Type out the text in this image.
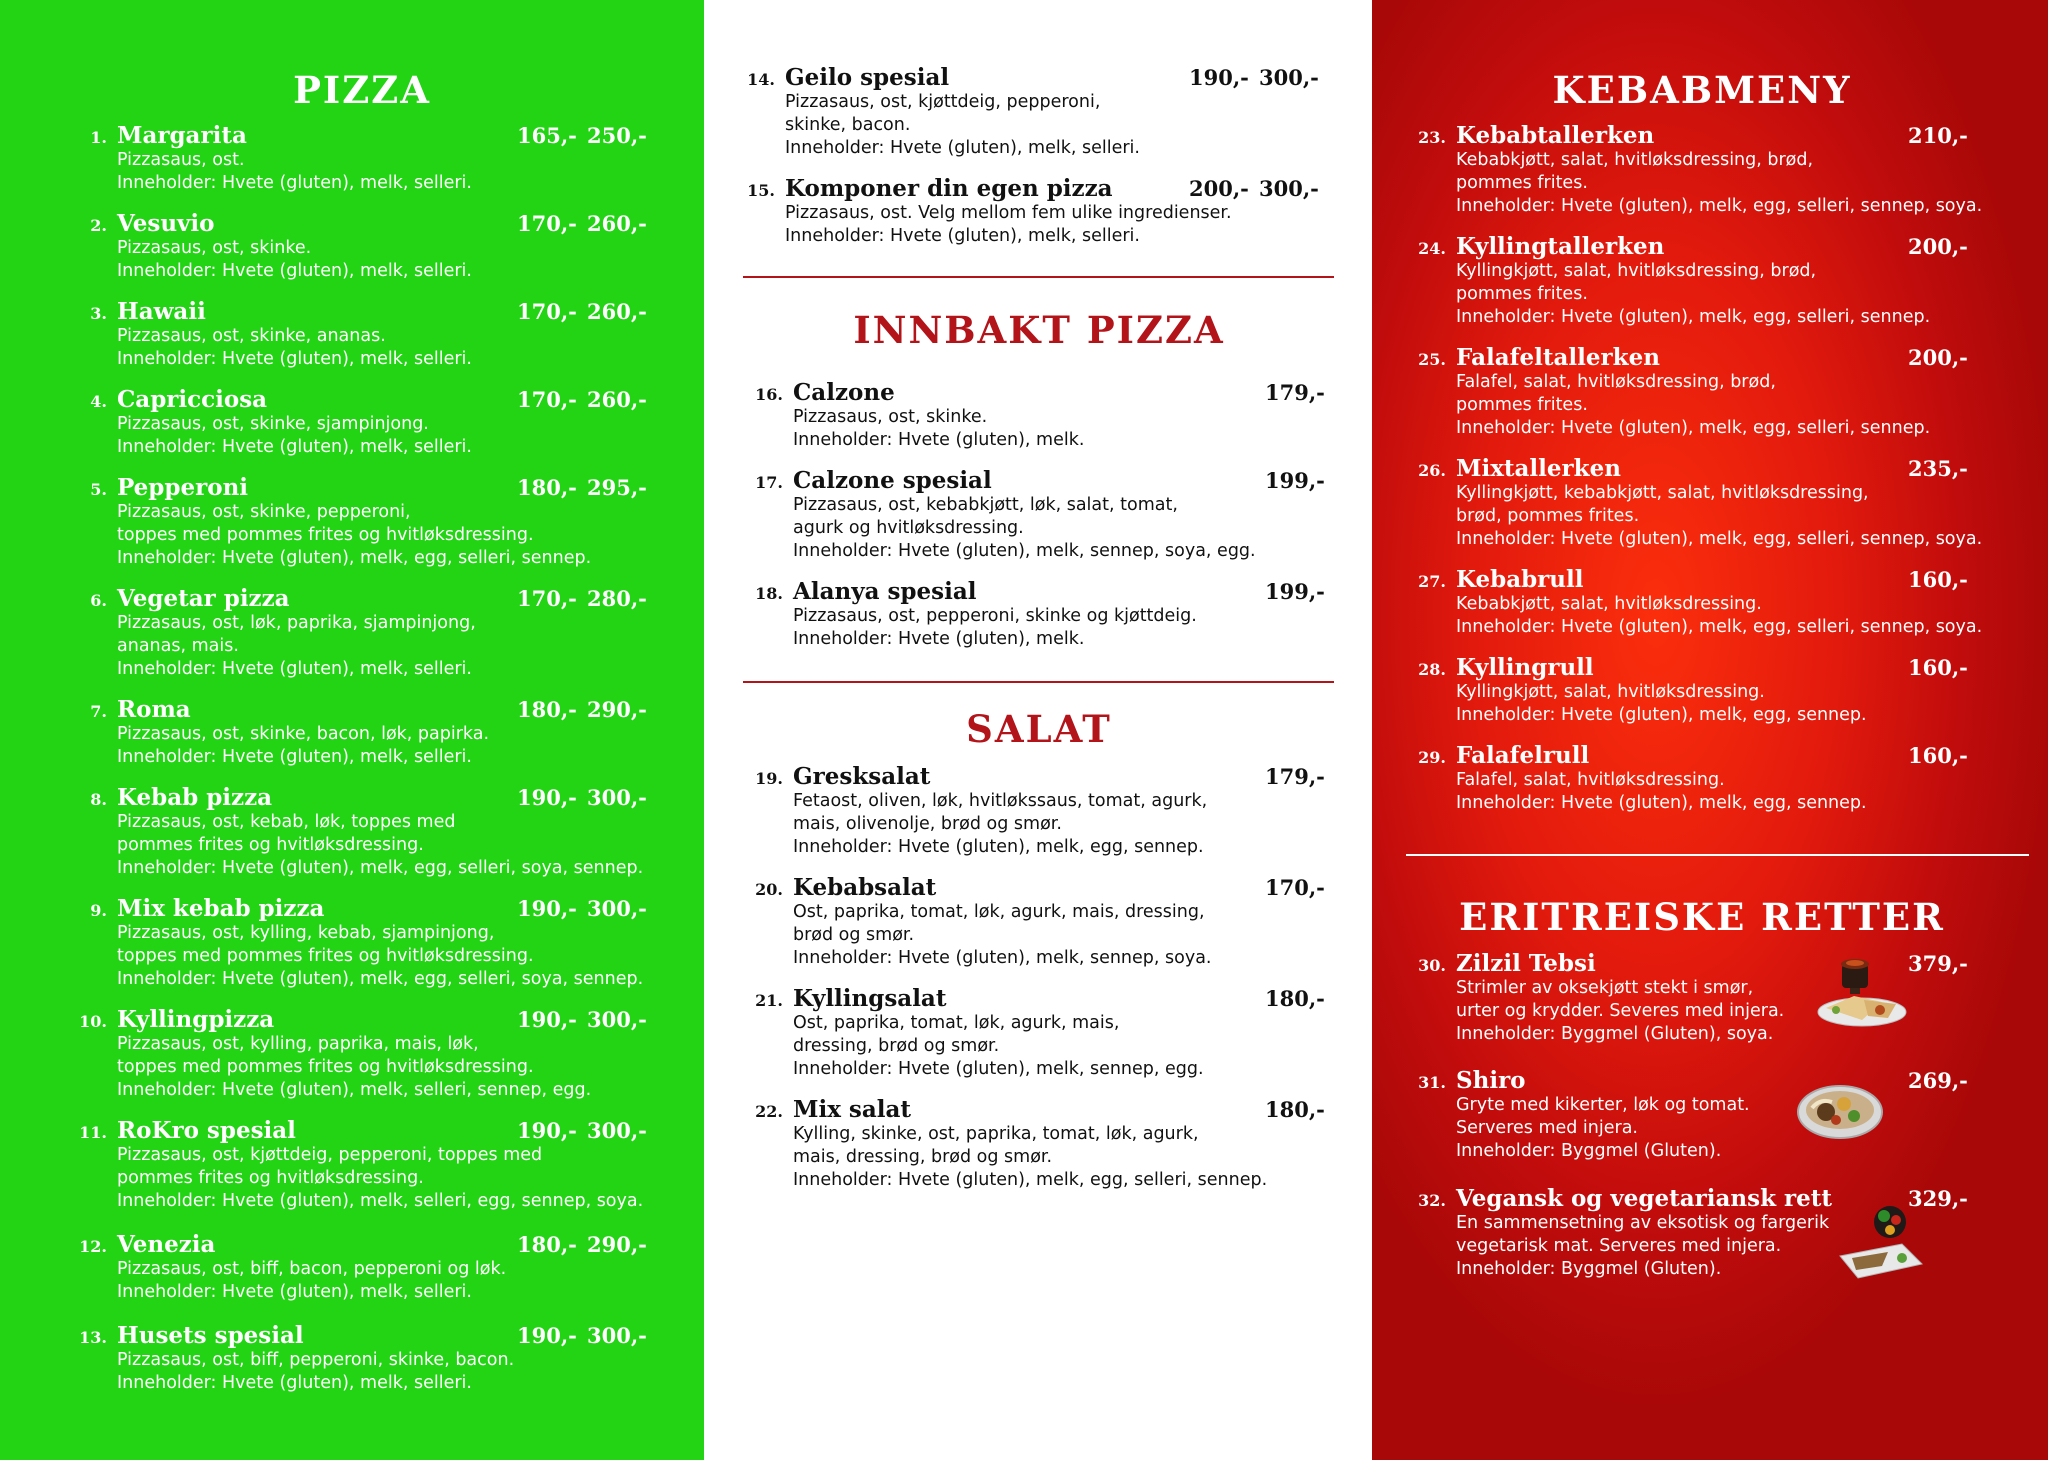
PIZZA
1. Margarita	165,- 250,-
Pizzasaus, ost.
Inneholder: Hvete (gluten), melk, selleri.
2. Vesuvio	170,- 260,-
Pizzasaus, ost, skinke.
Inneholder: Hvete (gluten), melk, selleri.
3. Hawaii	170,- 260,-
Pizzasaus, ost, skinke, ananas.
Inneholder: Hvete (gluten), melk, selleri.
4. Capricciosa	170,- 260,-
Pizzasaus, ost, skinke, sjampinjong.
Inneholder: Hvete (gluten), melk, selleri.
5. Pepperoni	180,- 295,-
Pizzasaus, ost, skinke, pepperoni,
toppes med pommes frites og hvitløksdressing.
Inneholder: Hvete (gluten), melk, egg, selleri, sennep.
6. Vegetar pizza	170,- 280,-
Pizzasaus, ost, løk, paprika, sjampinjong,
ananas, mais.
Inneholder: Hvete (gluten), melk, selleri.
7. Roma	180,- 290,-
Pizzasaus, ost, skinke, bacon, løk, papirka.
Inneholder: Hvete (gluten), melk, selleri.
8. Kebab pizza	190,- 300,-
Pizzasaus, ost, kebab, løk, toppes med
pommes frites og hvitløksdressing.
Inneholder: Hvete (gluten), melk, egg, selleri, soya, sennep.
9. Mix kebab pizza	190,- 300,-
Pizzasaus, ost, kylling, kebab, sjampinjong,
toppes med pommes frites og hvitløksdressing.
Inneholder: Hvete (gluten), melk, egg, selleri, soya, sennep.
10. Kyllingpizza	190,- 300,-
Pizzasaus, ost, kylling, paprika, mais, løk,
toppes med pommes frites og hvitløksdressing.
Inneholder: Hvete (gluten), melk, selleri, sennep, egg.
11. RoKro spesial	190,- 300,-
Pizzasaus, ost, kjøttdeig, pepperoni, toppes med
pommes frites og hvitløksdressing.
Inneholder: Hvete (gluten), melk, selleri, egg, sennep, soya.
12. Venezia	180,- 290,-
Pizzasaus, ost, biff, bacon, pepperoni og løk.
Inneholder: Hvete (gluten), melk, selleri.
13. Husets spesial	190,- 300,-
Pizzasaus, ost, biff, pepperoni, skinke, bacon.
Inneholder: Hvete (gluten), melk, selleri.
14. Geilo spesial	190,- 300,-
Pizzasaus, ost, kjøttdeig, pepperoni,
skinke, bacon.
Inneholder: Hvete (gluten), melk, selleri.
15. Komponer din egen pizza	200,- 300,-
Pizzasaus, ost. Velg mellom fem ulike ingredienser.
Inneholder: Hvete (gluten), melk, selleri.
INNBAKT PIZZA
16. Calzone	179,-
Pizzasaus, ost, skinke.
Inneholder: Hvete (gluten), melk.
17. Calzone spesial	199,-
Pizzasaus, ost, kebabkjøtt, løk, salat, tomat,
agurk og hvitløksdressing.
Inneholder: Hvete (gluten), melk, sennep, soya, egg.
18. Alanya spesial	199,-
Pizzasaus, ost, pepperoni, skinke og kjøttdeig.
Inneholder: Hvete (gluten), melk.
SALAT
19. Gresksalat	179,-
Fetaost, oliven, løk, hvitløkssaus, tomat, agurk,
mais, olivenolje, brød og smør.
Inneholder: Hvete (gluten), melk, egg, sennep.
20. Kebabsalat	170,-
Ost, paprika, tomat, løk, agurk, mais, dressing,
brød og smør.
Inneholder: Hvete (gluten), melk, sennep, soya.
21. Kyllingsalat	180,-
Ost, paprika, tomat, løk, agurk, mais,
dressing, brød og smør.
Inneholder: Hvete (gluten), melk, sennep, egg.
22. Mix salat	180,-
Kylling, skinke, ost, paprika, tomat, løk, agurk,
mais, dressing, brød og smør.
Inneholder: Hvete (gluten), melk, egg, selleri, sennep.
KEBABMENY
23. Kebabtallerken	210,-
Kebabkjøtt, salat, hvitløksdressing, brød,
pommes frites.
Inneholder: Hvete (gluten), melk, egg, selleri, sennep, soya.
24. Kyllingtallerken	200,-
Kyllingkjøtt, salat, hvitløksdressing, brød,
pommes frites.
Inneholder: Hvete (gluten), melk, egg, selleri, sennep.
25. Falafeltallerken	200,-
Falafel, salat, hvitløksdressing, brød,
pommes frites.
Inneholder: Hvete (gluten), melk, egg, selleri, sennep.
26. Mixtallerken	235,-
Kyllingkjøtt, kebabkjøtt, salat, hvitløksdressing,
brød, pommes frites.
Inneholder: Hvete (gluten), melk, egg, selleri, sennep, soya.
27. Kebabrull	160,-
Kebabkjøtt, salat, hvitløksdressing.
Inneholder: Hvete (gluten), melk, egg, selleri, sennep, soya.
28. Kyllingrull	160,-
Kyllingkjøtt, salat, hvitløksdressing.
Inneholder: Hvete (gluten), melk, egg, sennep.
29. Falafelrull	160,-
Falafel, salat, hvitløksdressing.
Inneholder: Hvete (gluten), melk, egg, sennep.
ERITREISKE RETTER
30. Zilzil Tebsi	379,-
Strimler av oksekjøtt stekt i smør,
urter og krydder. Severes med injera.
Inneholder: Byggmel (Gluten), soya.
31. Shiro	269,-
Gryte med kikerter, løk og tomat.
Serveres med injera.
Inneholder: Byggmel (Gluten).
32. Vegansk og vegetariansk rett	329,-
En sammensetning av eksotisk og fargerik
vegetarisk mat. Serveres med injera.
Inneholder: Byggmel (Gluten).
